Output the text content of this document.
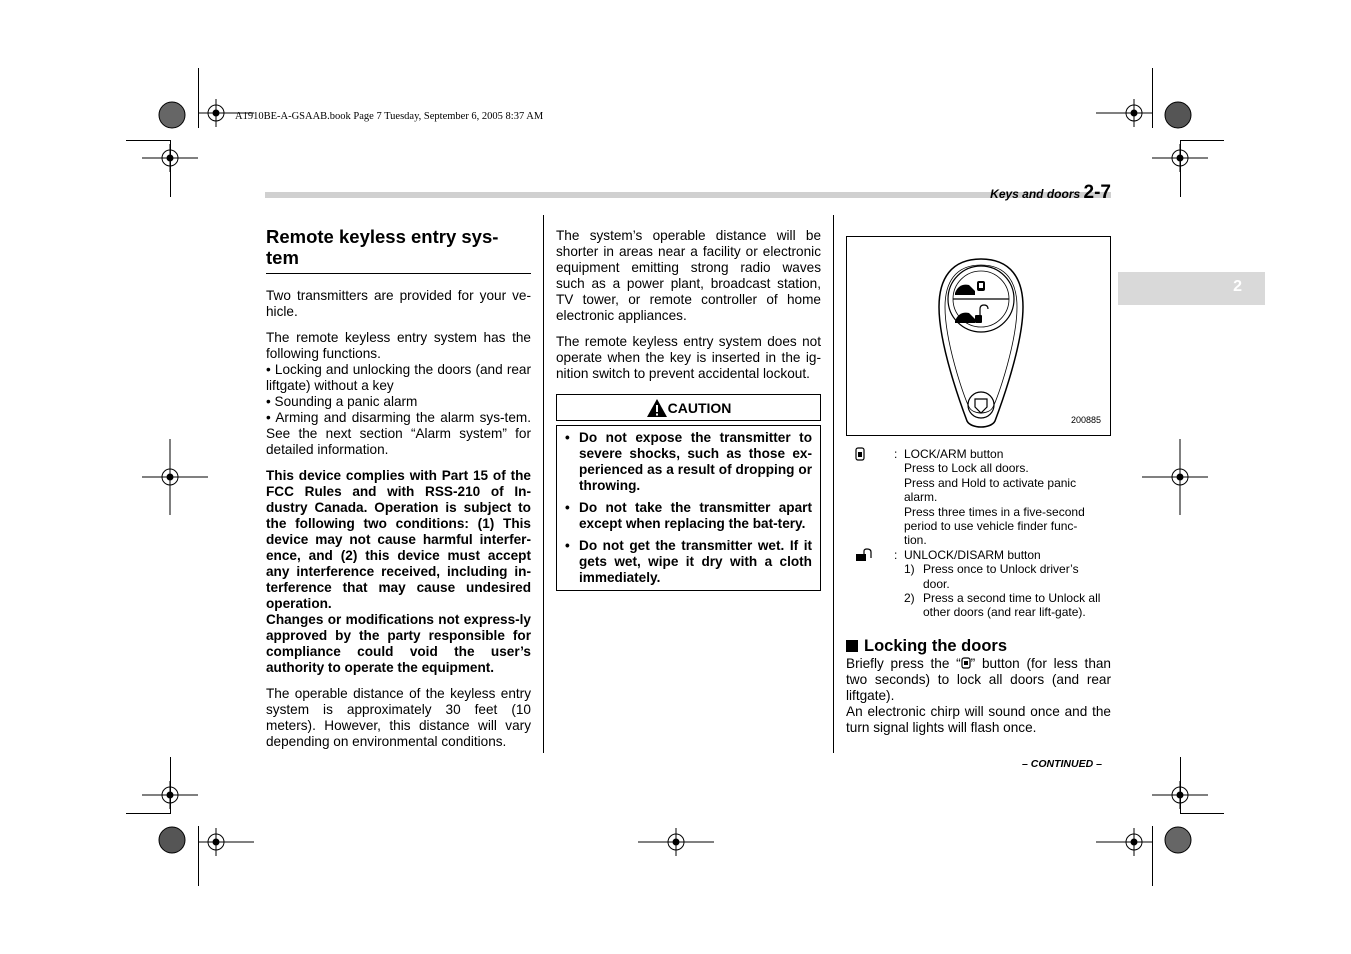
A1910BE-A-GSAAB.book Page 7 Tuesday, September 6, 2005 8:37 AM
Keys and doors 2-7
2
Remote keyless entry sys-tem

Two transmitters are provided for your ve-hicle.

The remote keyless entry system has the following functions.
• Locking and unlocking the doors (and rear liftgate) without a key
• Sounding a panic alarm
• Arming and disarming the alarm sys-tem. See the next section “Alarm system” for detailed information.
This device complies with Part 15 of the FCC Rules and with RSS-210 of In-dustry Canada. Operation is subject to the following two conditions: (1) This device may not cause harmful interfer-ence, and (2) this device must accept any interference received, including in-terference that may cause undesired operation.
Changes or modifications not express-ly approved by the party responsible for compliance could void the user’s authority to operate the equipment.

The operable distance of the keyless entry system is approximately 30 feet (10 meters). However, this distance will vary depending on environmental conditions.

The system’s operable distance will be shorter in areas near a facility or electronic equipment emitting strong radio waves such as a power plant, broadcast station, TV tower, or remote controller of home electronic appliances.

The remote keyless entry system does not operate when the key is inserted in the ig-nition switch to prevent accidental lockout.

CAUTION
• Do not expose the transmitter to severe shocks, such as those ex-perienced as a result of dropping or throwing.
• Do not take the transmitter apart except when replacing the bat-tery.
• Do not get the transmitter wet. If it gets wet, wipe it dry with a cloth immediately.
200885
: LOCK/ARM button
Press to Lock all doors.
Press and Hold to activate panic alarm.
Press three times in a five-second period to use vehicle finder func-tion.
: UNLOCK/DISARM button
1) Press once to Unlock driver’s door.
2) Press a second time to Unlock all other doors (and rear lift-gate).
Locking the doors

Briefly press the “ ” button (for less than two seconds) to lock all doors (and rear liftgate).

An electronic chirp will sound once and the turn signal lights will flash once.

– CONTINUED –
